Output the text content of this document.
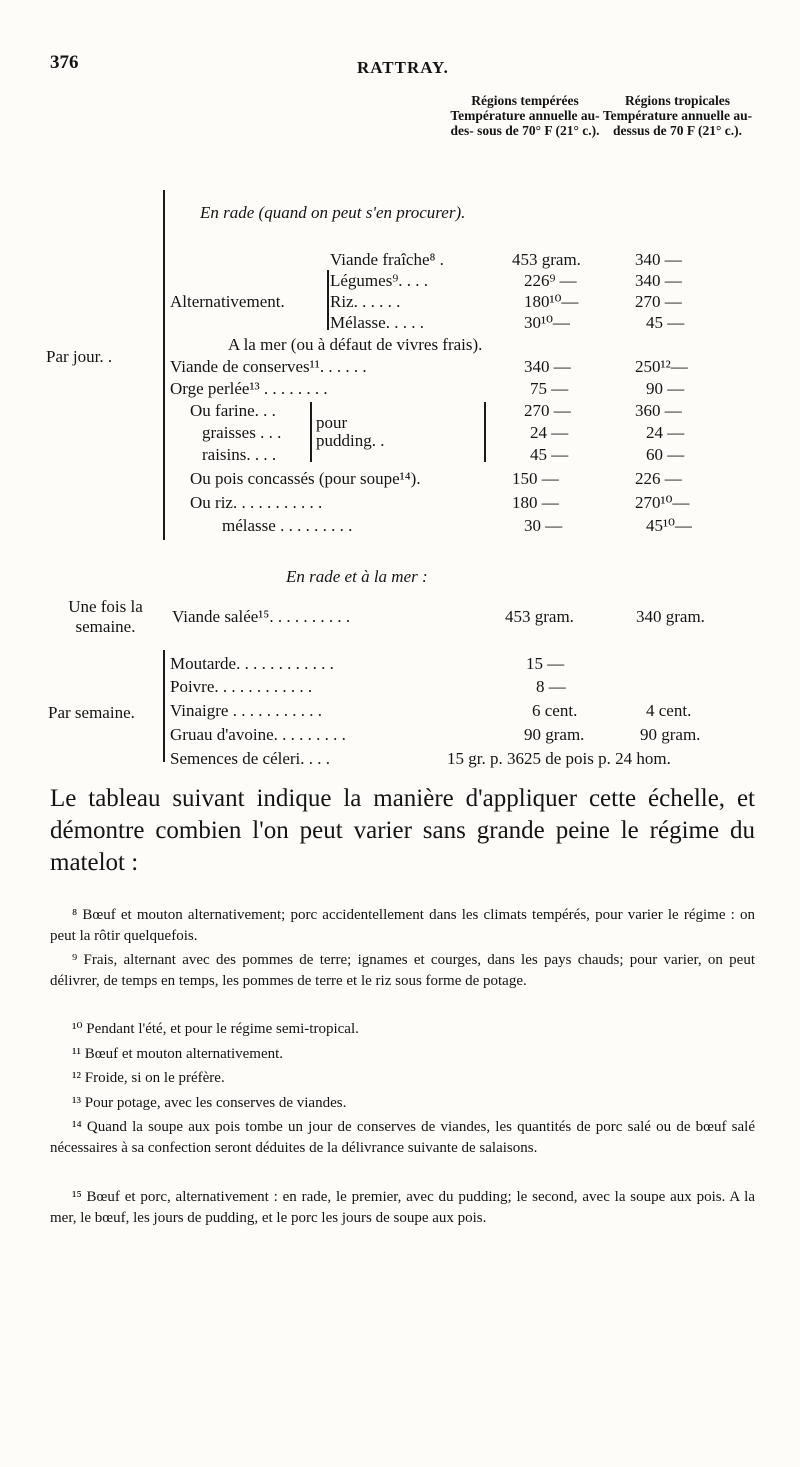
376	RATTRAY.
Régions tempérées Température annuelle au-des- sous de 70° F (21° c.).
Régions tropicales Température annuelle au-dessus de 70 F (21° c.).
En rade (quand on peut s'en procurer).
Par jour. .
Alternativement.
Viande fraîche⁸ .	453 gram.	340 —
Légumes⁹. . . .	226⁹ —	340 —
Riz. . . . . .	180¹⁰—	270 —
Mélasse. . . . .	30¹⁰—	45 —
A la mer (ou à défaut de vivres frais).
Viande de conserves¹¹. . . . . .	340 —	250¹²—
Orge perlée¹³ . . . . . . . .	75 —	90 —
Ou farine. . .	270 —	360 —
graisses . . .	24 —	24 —
raisins. . . .	45 —	60 —
pour pudding. .
Ou pois concassés (pour soupe¹⁴).	150 —	226 —
Ou riz. . . . . . . . . . .	180 —	270¹⁰—
mélasse . . . . . . . . .	30 —	45¹⁰—
En rade et à la mer :
Une fois la semaine.
Viande salée¹⁵. . . . . . . . . .	453 gram.	340 gram.
Par semaine.
Moutarde. . . . . . . . . . . .	15 —
Poivre. . . . . . . . . . . .	8 —
Vinaigre . . . . . . . . . . .	6 cent.	4 cent.
Gruau d'avoine. . . . . . . . .	90 gram.	90 gram.
Semences de céleri. . . .	15 gr. p. 3625 de pois p. 24 hom.
Le tableau suivant indique la manière d'appliquer cette échelle, et démontre combien l'on peut varier sans grande peine le régime du matelot :
⁸ Bœuf et mouton alternativement; porc accidentellement dans les climats tempérés, pour varier le régime : on peut la rôtir quelquefois.
⁹ Frais, alternant avec des pommes de terre; ignames et courges, dans les pays chauds; pour varier, on peut délivrer, de temps en temps, les pommes de terre et le riz sous forme de potage.
¹⁰ Pendant l'été, et pour le régime semi-tropical.
¹¹ Bœuf et mouton alternativement.
¹² Froide, si on le préfère.
¹³ Pour potage, avec les conserves de viandes.
¹⁴ Quand la soupe aux pois tombe un jour de conserves de viandes, les quantités de porc salé ou de bœuf salé nécessaires à sa confection seront déduites de la délivrance suivante de salaisons.
¹⁵ Bœuf et porc, alternativement : en rade, le premier, avec du pudding; le second, avec la soupe aux pois. A la mer, le bœuf, les jours de pudding, et le porc les jours de soupe aux pois.
